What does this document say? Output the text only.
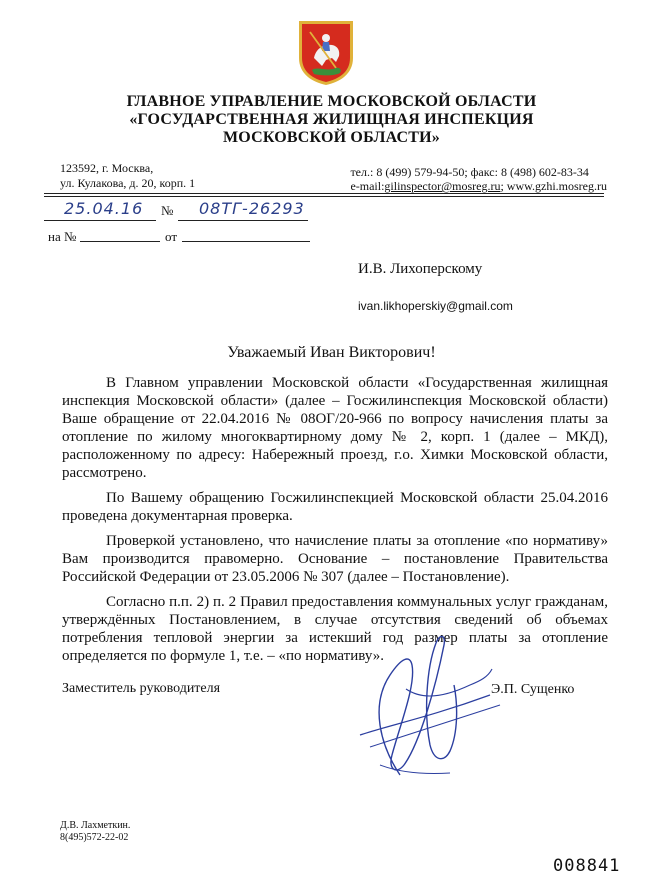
ГЛАВНОЕ УПРАВЛЕНИЕ МОСКОВСКОЙ ОБЛАСТИ
«ГОСУДАРСТВЕННАЯ ЖИЛИЩНАЯ ИНСПЕКЦИЯ
МОСКОВСКОЙ ОБЛАСТИ»
123592, г. Москва,
ул. Кулакова, д. 20, корп. 1
тел.: 8 (499) 579-94-50; факс: 8 (498) 602-83-34
e-mail:gilinspector@mosreg.ru; www.gzhi.mosreg.ru
25.04.16 № 08ТГ-26293
на №	от
И.В. Лихоперскому
ivan.likhoperskiy@gmail.com
Уважаемый Иван Викторович!

В Главном управлении Московской области «Государственная жилищная инспекция Московской области» (далее – Госжилинспекция Московской области) Ваше обращение от 22.04.2016 № 08ОГ/20-966 по вопросу начисления платы за отопление по жилому многоквартирному дому № 2, корп. 1 (далее – МКД), расположенному по адресу: Набережный проезд, г.о. Химки Московской области, рассмотрено.

По Вашему обращению Госжилинспекцией Московской области 25.04.2016 проведена документарная проверка.

Проверкой установлено, что начисление платы за отопление «по нормативу» Вам производится правомерно. Основание – постановление Правительства Российской Федерации от 23.05.2006 № 307 (далее – Постановление).

Согласно п.п. 2) п. 2 Правил предоставления коммунальных услуг гражданам, утверждённых Постановлением, в случае отсутствия сведений об объемах потребления тепловой энергии за истекший год размер платы за отопление определяется по формуле 1, т.е. – «по нормативу».

Заместитель руководителя	Э.П. Сущенко
Д.В. Лахметкин.
8(495)572-22-02
008841
